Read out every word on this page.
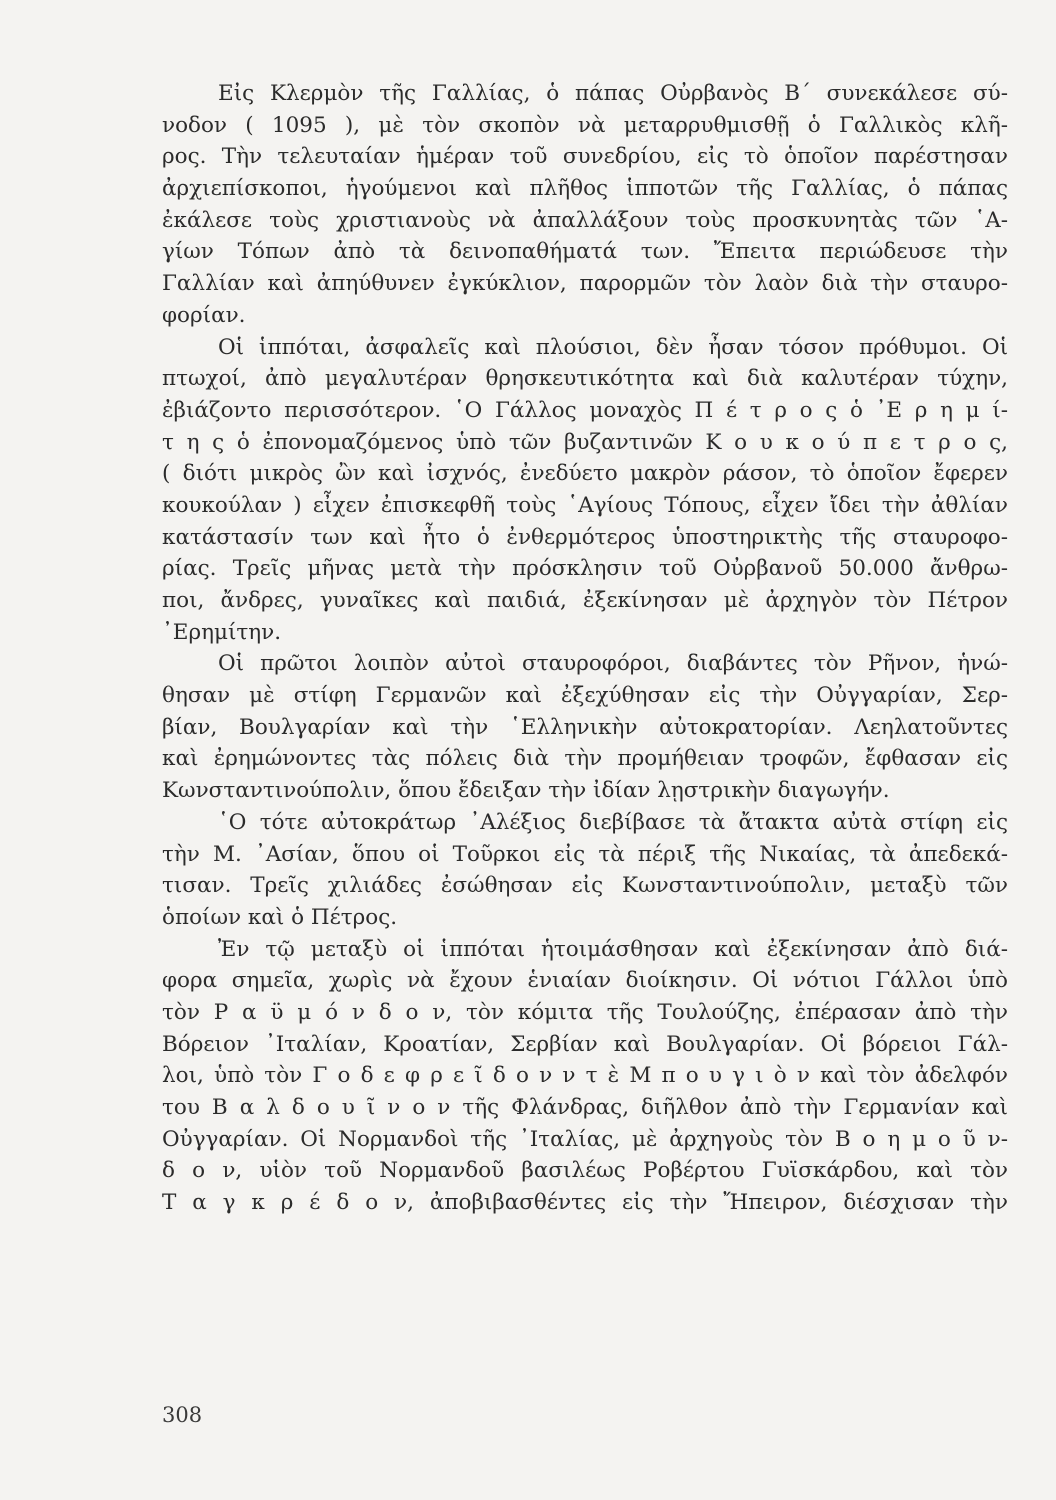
Εἰς Κλερμὸν τῆς Γαλλίας, ὁ πάπας Οὐρβανὸς Β΄ συνεκάλεσε σύ-
νοδον ( 1095 ), μὲ τὸν σκοπὸν νὰ μεταρρυθμισθῇ ὁ Γαλλικὸς κλῆ-
ρος. Τὴν τελευταίαν ἡμέραν τοῦ συνεδρίου, εἰς τὸ ὁποῖον παρέστησαν
ἀρχιεπίσκοποι, ἡγούμενοι καὶ πλῆθος ἱπποτῶν τῆς Γαλλίας, ὁ πάπας
ἐκάλεσε τοὺς χριστιανοὺς νὰ ἀπαλλάξουν τοὺς προσκυνητὰς τῶν ῾Α-
γίων Τόπων ἀπὸ τὰ δεινοπαθήματά των. Ἔπειτα περιώδευσε τὴν
Γαλλίαν καὶ ἀπηύθυνεν ἐγκύκλιον, παρορμῶν τὸν λαὸν διὰ τὴν σταυρο-
φορίαν.
Οἱ ἱππόται, ἀσφαλεῖς καὶ πλούσιοι, δὲν ἦσαν τόσον πρόθυμοι. Οἱ
πτωχοί, ἀπὸ μεγαλυτέραν θρησκευτικότητα καὶ διὰ καλυτέραν τύχην,
ἐβιάζοντο περισσότερον. ῾Ο Γάλλος μοναχὸς Π έ τ ρ ο ς ὁ ᾽Ε ρ η μ ί-
τ η ς ὁ ἐπονομαζόμενος ὑπὸ τῶν βυζαντινῶν Κ ο υ κ ο ύ π ε τ ρ ο ς,
( διότι μικρὸς ὢν καὶ ἰσχνός, ἐνεδύετο μακρὸν ράσον, τὸ ὁποῖον ἔφερεν
κουκούλαν ) εἶχεν ἐπισκεφθῆ τοὺς ῾Αγίους Τόπους, εἶχεν ἴδει τὴν ἀθλίαν
κατάστασίν των καὶ ἦτο ὁ ἐνθερμότερος ὑποστηρικτὴς τῆς σταυροφο-
ρίας. Τρεῖς μῆνας μετὰ τὴν πρόσκλησιν τοῦ Οὐρβανοῦ 50.000 ἄνθρω-
ποι, ἄνδρες, γυναῖκες καὶ παιδιά, ἐξεκίνησαν μὲ ἀρχηγὸν τὸν Πέτρον
᾽Ερημίτην.
Οἱ πρῶτοι λοιπὸν αὐτοὶ σταυροφόροι, διαβάντες τὸν Ρῆνον, ἡνώ-
θησαν μὲ στίφη Γερμανῶν καὶ ἐξεχύθησαν εἰς τὴν Οὐγγαρίαν, Σερ-
βίαν, Βουλγαρίαν καὶ τὴν ῾Ελληνικὴν αὐτοκρατορίαν. Λεηλατοῦντες
καὶ ἐρημώνοντες τὰς πόλεις διὰ τὴν προμήθειαν τροφῶν, ἔφθασαν εἰς
Κωνσταντινούπολιν, ὅπου ἔδειξαν τὴν ἰδίαν λῃστρικὴν διαγωγήν.
῾Ο τότε αὐτοκράτωρ ᾽Αλέξιος διεβίβασε τὰ ἄτακτα αὐτὰ στίφη εἰς
τὴν Μ. ᾽Ασίαν, ὅπου οἱ Τοῦρκοι εἰς τὰ πέριξ τῆς Νικαίας, τὰ ἀπεδεκά-
τισαν. Τρεῖς χιλιάδες ἐσώθησαν εἰς Κωνσταντινούπολιν, μεταξὺ τῶν
ὁποίων καὶ ὁ Πέτρος.
Ἐν τῷ μεταξὺ οἱ ἱππόται ἡτοιμάσθησαν καὶ ἐξεκίνησαν ἀπὸ διά-
φορα σημεῖα, χωρὶς νὰ ἔχουν ἑνιαίαν διοίκησιν. Οἱ νότιοι Γάλλοι ὑπὸ
τὸν Ρ α ϋ μ ό ν δ ο ν, τὸν κόμιτα τῆς Τουλούζης, ἐπέρασαν ἀπὸ τὴν
Βόρειον ᾽Ιταλίαν, Κροατίαν, Σερβίαν καὶ Βουλγαρίαν. Οἱ βόρειοι Γάλ-
λοι, ὑπὸ τὸν Γ ο δ ε φ ρ ε ῖ δ ο ν ν τ ὲ Μ π ο υ γ ι ὸ ν καὶ τὸν ἀδελφόν
του Β α λ δ ο υ ῖ ν ο ν τῆς Φλάνδρας, διῆλθον ἀπὸ τὴν Γερμανίαν καὶ
Οὐγγαρίαν. Οἱ Νορμανδοὶ τῆς ᾽Ιταλίας, μὲ ἀρχηγοὺς τὸν Β ο η μ ο ῦ ν-
δ ο ν, υἱὸν τοῦ Νορμανδοῦ βασιλέως Ροβέρτου Γυϊσκάρδου, καὶ τὸν
Τ α γ κ ρ έ δ ο ν, ἀποβιβασθέντες εἰς τὴν Ἤπειρον, διέσχισαν τὴν
308
